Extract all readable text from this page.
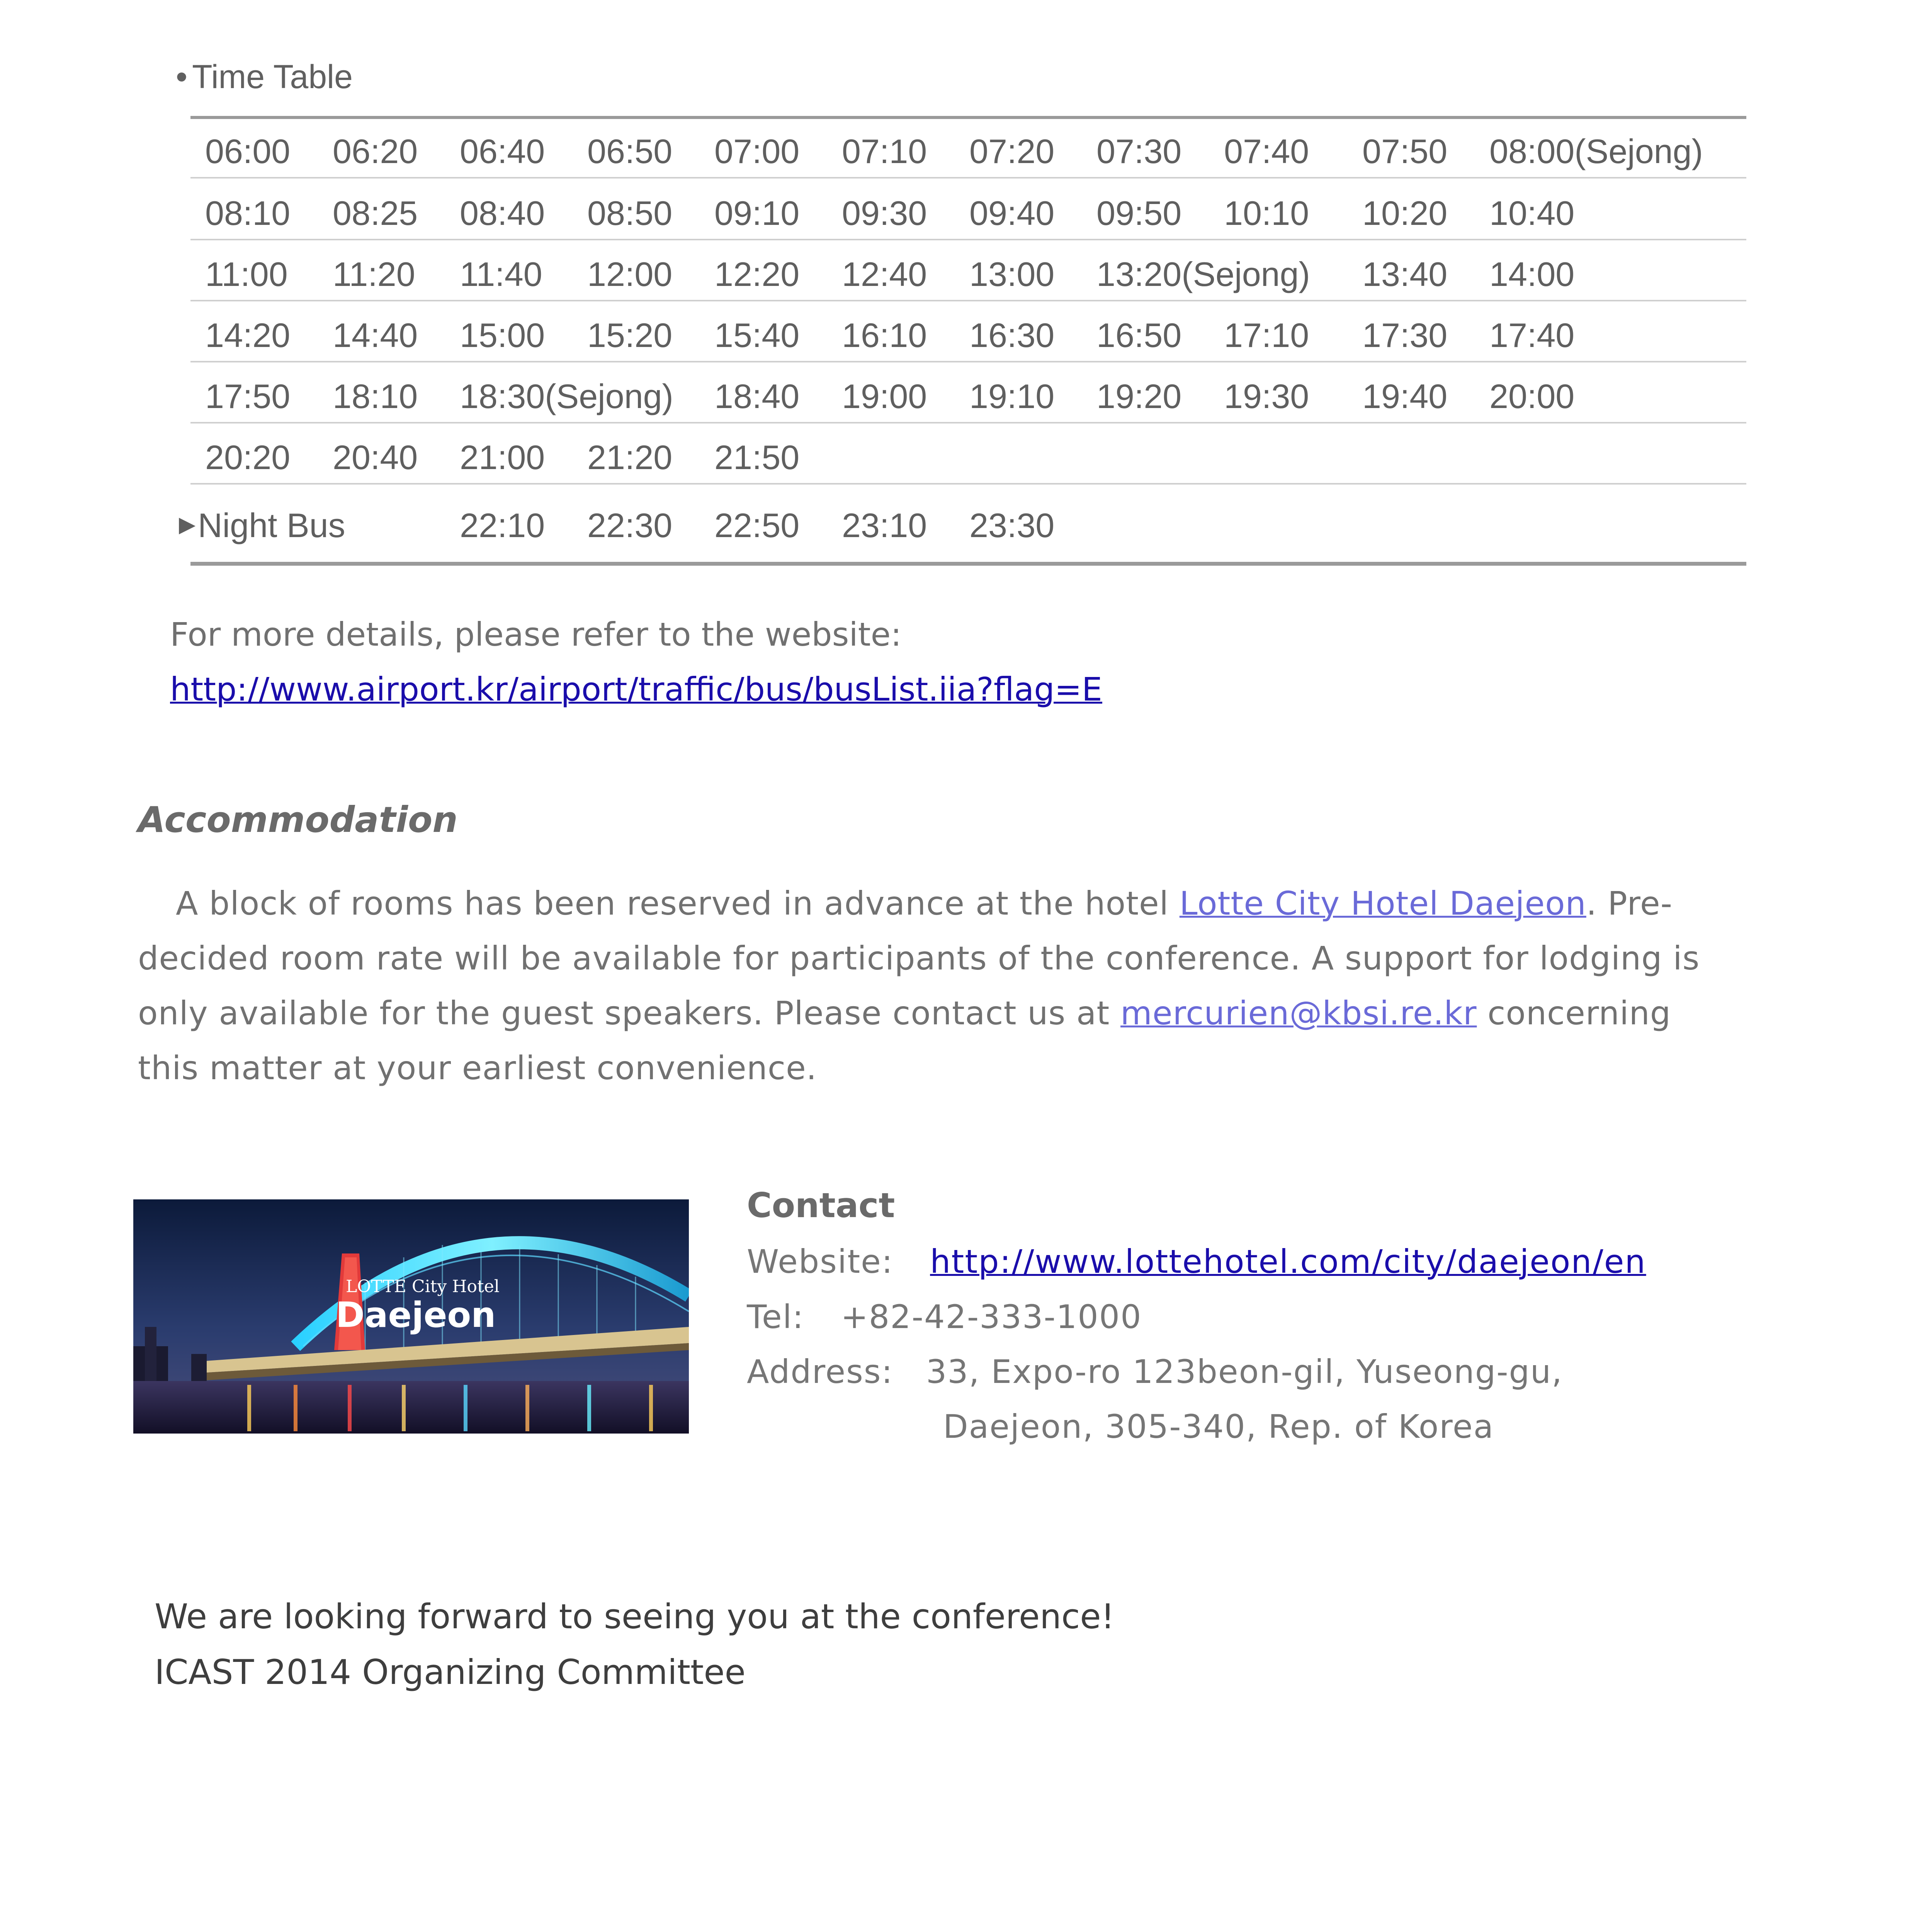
• Time Table
06:00 06:20 06:40 06:50 07:00 07:10 07:20 07:30 07:40 07:50 08:00(Sejong)
08:10 08:25 08:40 08:50 09:10 09:30 09:40 09:50 10:10 10:20 10:40
11:00 11:20 11:40 12:00 12:20 12:40 13:00 13:20(Sejong) 13:40 14:00
14:20 14:40 15:00 15:20 15:40 16:10 16:30 16:50 17:10 17:30 17:40
17:50 18:10 18:30(Sejong) 18:40 19:00 19:10 19:20 19:30 19:40 20:00
20:20 20:40 21:00 21:20 21:50
▶Night Bus	22:10 22:30 22:50 23:10 23:30
For more details, please refer to the website:
http://www.airport.kr/airport/traffic/bus/busList.iia?flag=E
Accommodation
A block of rooms has been reserved in advance at the hotel Lotte City Hotel Daejeon. Pre-
decided room rate will be available for participants of the conference. A support for lodging is
only available for the guest speakers. Please contact us at mercurien@kbsi.re.kr concerning
this matter at your earliest convenience.
LOTTE City Hotel
Daejeon
Contact
Website: http://www.lottehotel.com/city/daejeon/en
Tel: +82-42-333-1000
Address: 33, Expo-ro 123beon-gil, Yuseong-gu,
Daejeon, 305-340, Rep. of Korea
We are looking forward to seeing you at the conference!
ICAST 2014 Organizing Committee
